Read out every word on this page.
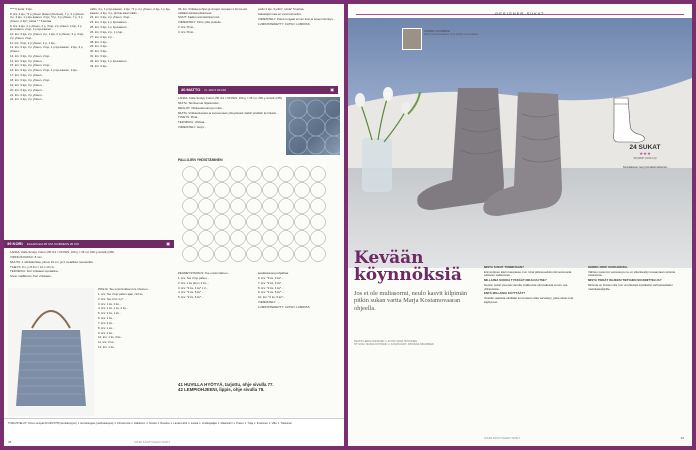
**** 5 kerta: 3 kjo.

8. krs: 2 kjo, *3 p yhteen (katso lyhenteet), 7 p, 3 p yhteen, 3 p, 2 kjo, 1 p kjo-kaaren, 2 kjo, *2 p, 3 p yhteen, 7 p, 3 p yhteen, 2 kjo*, toista * * 5 kertaa.

9. krs: 3 kjo, 2 p yhteen, 2 p, 3 kjo, 2 p yhteen, 2 kjo, 1 p kjo-kaaren, 2 kjo, 1 p kjo-kaaren...

10. krs: 3 kjo, 2 p yhteen, 2 p, 1 kjo, 2 p yhteen, 3 p, 3 kjo, 2 p yhteen, 2 kjo...

11. krs: 3 kjo, 2 p yhteen, 1 p, 1 kjo...

12. krs: 3 kjo, 3 p yhteen, 2 kjo, 1 p kjo-kaaren, 2 kjo, 3 p yhteen...

13. krs: 3 kjo, 3 p yhteen, 2 kjo...

14. krs: 3 kjo, 3 p yhteen...

15. krs: 3 kjo, 3 p yhteen, 2 kjo...

16. krs: 3 kjo, 2 p yhteen, 2 kjo, 1 p kjo-kaaren, 2 kjo...

17. krs: 3 kjo, 2 p yhteen...

18. krs: 3 kjo, 3 p yhteen, 2 kjo...

19. krs: 3 kjo, 3 p yhteen...

20. krs: 3 kjo, 2 p yhteen...

21. krs: 3 kjo, 3 p yhteen...

22. krs: 3 kjo, 3 p yhteen...

väliin, 3 p, 1 p kjo-kaaren, 2 kjo, *2 p, 2 p yhteen, 2 kjo, 1 p kjo-kaaren, 2 kjo, 3 p, pkt kjo-kaari väliin...

23. krs: 3 kjo, 2 p yhteen, 3 kjo...

24. krs: 2 kjo, 1 p kjo-kaaren...

25. krs: 3 kjo, 1 p kjo-kaaren...

26. krs: 3 kjo, 2 p, 1 p kjo...

27. krs: 2 kjo, 2 p...

28. krs: 2 kjo...

29. krs: 3 kjo...

30. krs: 3 kjo...

31. krs: 3 kjo...

32. krs: 3 kjo, 1 p kjo-kaaren...

33. krs: 3 kjo...

35. krs: Virkkaa pohjan ja sivujen reunaan 1 krs ks+ks välillään kiinteä piiloilmeet.

SIVUT: Kaikki ovat käsinkerrotut.

VIIMEISTELY: Pinto yhtä puolelle...

2. krs: Pinto...

3. krs: Pinto...

peilin 2 kjo, 3 jollin*. toista* 5 kertaa.

Kalastajan saa eri vivat kolmeiksi...

VIIMEISTELY: Paina rengaat ennen kuin ja toinen kiinnitys...

LUMIKISTEIDETTY: KATSO: LUMIKISS

40 MATTO N. 100 X 60 CM	▣

LANKA: Kalia Sculpy Cotton (50 G3 = 50 PES, 100 g = 45 m): 200 g sinistä (105).

MUITA: Tarvitsemat hiljaisuudet...

NEULOT: Virkkauskoukut ja muita...

MUITA: Virkkauskoukut ja sivureunaan yhteydessä; kaikki yksittäin kerroksiin...

TIIVEYS: Pinta...

TEKNIIKKA: Virkkaa...

VIIMEISTELY: Helyt...

PALLOJEN YHDISTÄMINEN
39 KORI KALAKOLIA 25 CM, KORKEUS 20 CM	▣

LANKA: Kalia Sculpy Cotton (50 G3 = 50 PES, 100 g = 45 m): 600 g sinistä (105).

VIRKKUKOUKKU: 8 mm.

MUUTA: 2 nahkakorkaa, pituus 34 cm, ja 4 metallista nauvanitlta.

TIHEYS: 8 s j x 8 krs = 10 x 10 cm.

TEKNIIKKA: Kori virkataan spiraalina...

Sivun malllikuvio: Kori virkataan...

POHJA: Tee ensimmäisen krs oheinen...

1. krs: Tee 2 kjo pala:n ajan =12 ks.

2. krs: Tee 2 ks 1 p* ...

3. krs: 1 ks, 2 ks...

4. krs: 1 ks, 1 ks, 2 ks...

5. krs: 2 ks, 1 ks...

6. krs: 1 ks...

7. krs: 2 ks...

8. krs: 1 ks...

9. krs: 4 ks...

10. krs: 1 ks, 3 ks...

11. krs: 2 ks...

12. krs: 1 ks...

PEHMEYSTAPAUS: Tee ensimmäinen...

1. krs: Tee 2 kjo pala:n...

2. krs: 1 ks (ks) x 2 ks-...

3. krs: *2 ks, 4 ks* x 2...

4. krs: *2 ks, 5 ks*...

5. krs: *2 ks, 6 ks*...

kesäkokessa pehjalbaa.

6. krs: *3 ks, 3 ks*...

7. krs: *2 ks, 3 ks*...

8. krs: *2 ks, 4 ks*...

9. krs: *2 ks, 5 ks*...

10. krs: *2 ks, 5 ks*...

VIIMEISTELY: ...

LUMIKISTEIDETTY: KATSO: LUMIKISS

41 HUVILLA HYÖTYÄ, tarjottu, ohje sivulla 77.
42 LEMPIOHJEENI, lippis, ohje sivulla 78.
TOIDUSTELUT: Oma Lumipal 09 239 5755 (konkarupput) ✦ Eurokangas (verkkokaupat) ✦ Filmannola ✦ Häkkinen ✦ Novita ✦ Ruuska ✦ Lanka Lahti ✦ Lanka ✦ Lindkapaljas ✦ Maanstori ✦ Puiset ✦ Tuija ✦ Ilmarinen ✦ Villa ✦ Tukkunen
38	SUURI KÄSITYÖLEHTI 5/2017
DESIGNER-SUKAT
SANDRA SUOMINEN
Maria Kostamovaaran oma peikko suunnittelee.
24 SUKAT
★★★
38 (38/37 (NOKI-4))
Sinivalkoiset, kevyt lentävät tärkeintö...
Kevään köynnöksiä
Jos et ole multasormi, neulo kasvit kilpimän pitkin sukan vartta Marja Kostamovaaran ohjeella.
TEKSTI LEENA HANSSEN ✦ KUVAT ANNA HUOVINEN
STYLING: MARJA KOSTAMO ✦ KASVIKUVAT: JOHANNA OIKARINEN

MISTÄ SUKAT TUNNETAAN?

Enimmäinen kävin kaupassa, kun minä pikkusuuduttu kiinnostuneita tuttavien valikoimien...

MILLAISIA SUKKIA TYKKÄÄT NEULOA ITSE?

Neulon sukat yleensä varrella mallineista värimalleista suurin osa ylilinjuisista...

ENTÄ MILLAISIA KÄYTTÄÄT?

Ostoille vaatteita väriltään luonnoksen aika varvastyy, jotka olivat ovat käyttyneet...

KERRO JOKU SUKKAMUKA.

Vähiten paremmi varressa ja ne on sittentiesitty kuvaamaan sinisinä ostoksissa...

MISTÄ TIEDÄT OHJEESI TIETOJEN SUUNNITTELUA?

Minusta on ihania mitä, kun unohteissa lopullisiksi varhaisrealiaksi mielinkatselijoille...

39
SUURI KÄSITYÖLEHTI 5/2017
